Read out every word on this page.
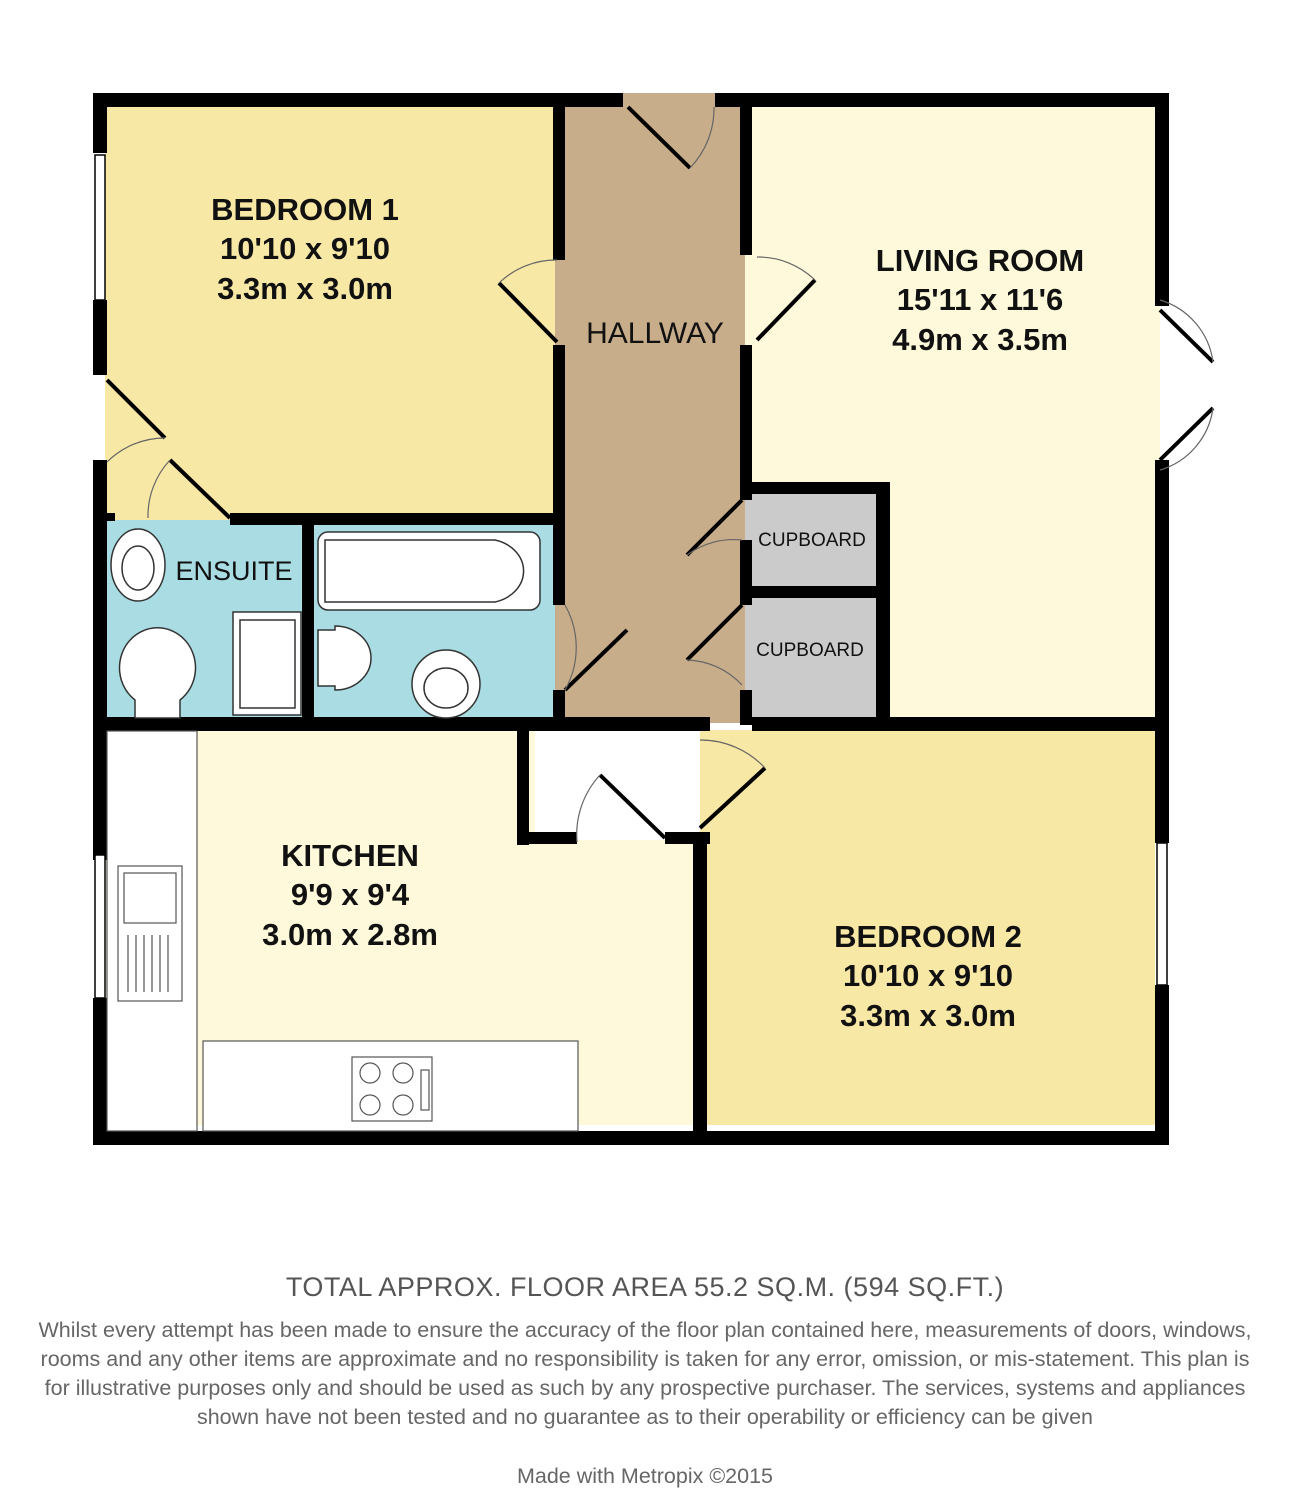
BEDROOM 1
10'10 x 9'10
3.3m x 3.0m
LIVING ROOM
15'11 x 11'6
4.9m x 3.5m
HALLWAY
ENSUITE
CUPBOARD
CUPBOARD
KITCHEN
9'9 x 9'4
3.0m x 2.8m	BEDROOM 2
10'10 x 9'10
3.3m x 3.0m
TOTAL APPROX. FLOOR AREA 55.2 SQ.M. (594 SQ.FT.)
Whilst every attempt has been made to ensure the accuracy of the floor plan contained here, measurements of doors, windows, rooms and any other items are approximate and no responsibility is taken for any error, omission, or mis-statement. This plan is for illustrative purposes only and should be used as such by any prospective purchaser. The services, systems and appliances shown have not been tested and no guarantee as to their operability or efficiency can be given
Made with Metropix ©2015
